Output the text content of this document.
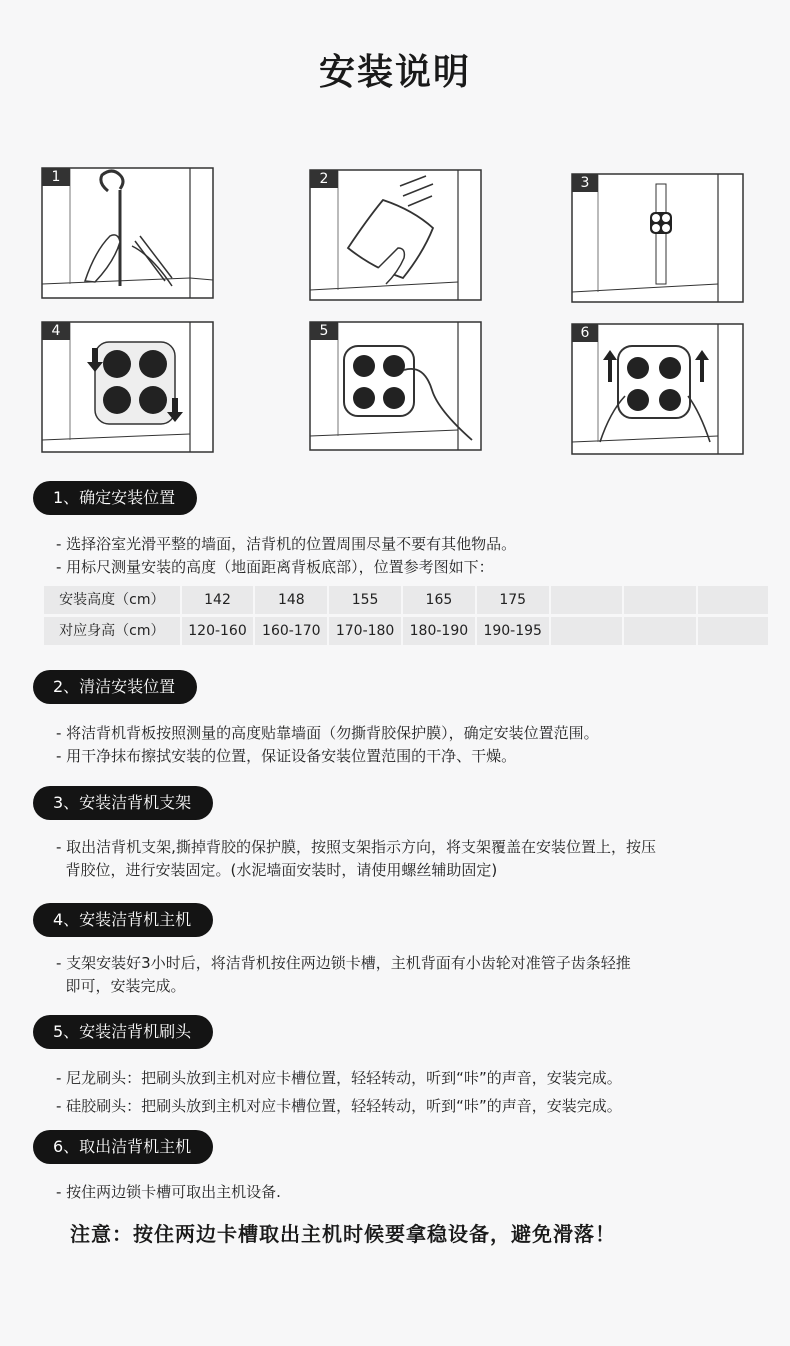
安装说明
1	2	3
4	5	6
1、确定安装位置
- 选择浴室光滑平整的墙面，洁背机的位置周围尽量不要有其他物品。
- 用标尺测量安装的高度（地面距离背板底部），位置参考图如下：
安装高度（cm）	142	148	155	165	175
对应身高（cm）	120-160	160-170	170-180	180-190	190-195
2、清洁安装位置
- 将洁背机背板按照测量的高度贴靠墙面（勿撕背胶保护膜），确定安装位置范围。
- 用干净抹布擦拭安装的位置，保证设备安装位置范围的干净、干燥。
3、安装洁背机支架
- 取出洁背机支架,撕掉背胶的保护膜，按照支架指示方向，将支架覆盖在安装位置上，按压
背胶位，进行安装固定。(水泥墙面安装时，请使用螺丝辅助固定)
4、安装洁背机主机
- 支架安装好3小时后，将洁背机按住两边锁卡槽，主机背面有小齿轮对准管子齿条轻推
即可，安装完成。
5、安装洁背机刷头
- 尼龙刷头：把刷头放到主机对应卡槽位置，轻轻转动，听到“咔”的声音，安装完成。
- 硅胶刷头：把刷头放到主机对应卡槽位置，轻轻转动，听到“咔”的声音，安装完成。
6、取出洁背机主机
- 按住两边锁卡槽可取出主机设备.
注意：按住两边卡槽取出主机时候要拿稳设备，避免滑落！
